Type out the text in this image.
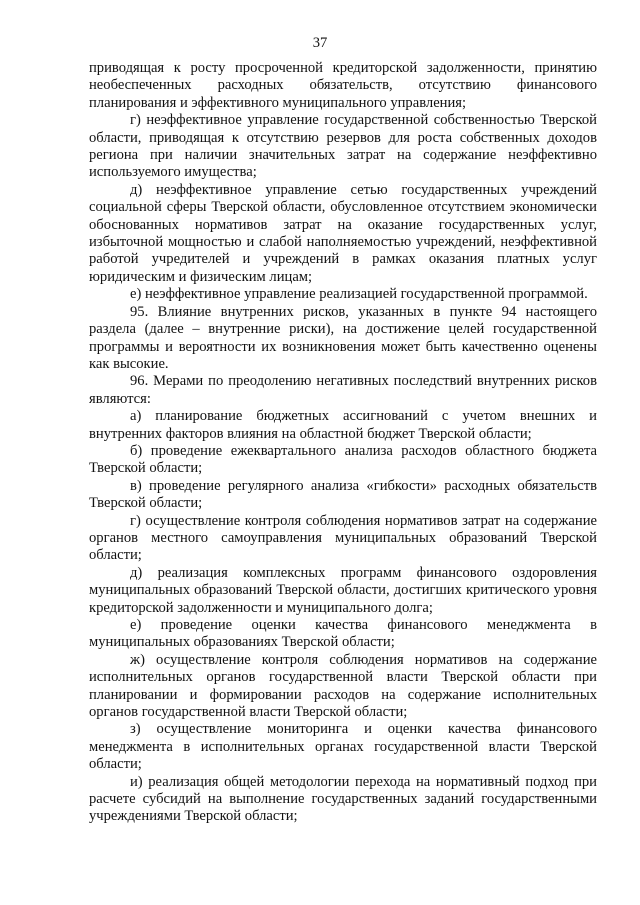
37

приводящая к росту просроченной кредиторской задолженности, принятию необеспеченных расходных обязательств, отсутствию финансового планирования и эффективного муниципального управления;

г) неэффективное управление государственной собственностью Тверской области, приводящая к отсутствию резервов для роста собственных доходов региона при наличии значительных затрат на содержание неэффективно используемого имущества;

д) неэффективное управление сетью государственных учреждений социальной сферы Тверской области, обусловленное отсутствием экономически обоснованных нормативов затрат на оказание государственных услуг, избыточной мощностью и слабой наполняемостью учреждений, неэффективной работой учредителей и учреждений в рамках оказания платных услуг юридическим и физическим лицам;

е) неэффективное управление реализацией государственной программой.

95. Влияние внутренних рисков, указанных в пункте 94 настоящего раздела (далее – внутренние риски), на достижение целей государственной программы и вероятности их возникновения может быть качественно оценены как высокие.

96. Мерами по преодолению негативных последствий внутренних рисков являются:

а) планирование бюджетных ассигнований с учетом внешних и внутренних факторов влияния на областной бюджет Тверской области;

б) проведение ежеквартального анализа расходов областного бюджета Тверской области;

в) проведение регулярного анализа «гибкости» расходных обязательств Тверской области;

г) осуществление контроля соблюдения нормативов затрат на содержание органов местного самоуправления муниципальных образований Тверской области;

д) реализация комплексных программ финансового оздоровления муниципальных образований Тверской области, достигших критического уровня кредиторской задолженности и муниципального долга;

е) проведение оценки качества финансового менеджмента в муниципальных образованиях Тверской области;

ж) осуществление контроля соблюдения нормативов на содержание исполнительных органов государственной власти Тверской области при планировании и формировании расходов на содержание исполнительных органов государственной власти Тверской области;

з) осуществление мониторинга и оценки качества финансового менеджмента в исполнительных органах государственной власти Тверской области;

и) реализация общей методологии перехода на нормативный подход при расчете субсидий на выполнение государственных заданий государственными учреждениями Тверской области;
